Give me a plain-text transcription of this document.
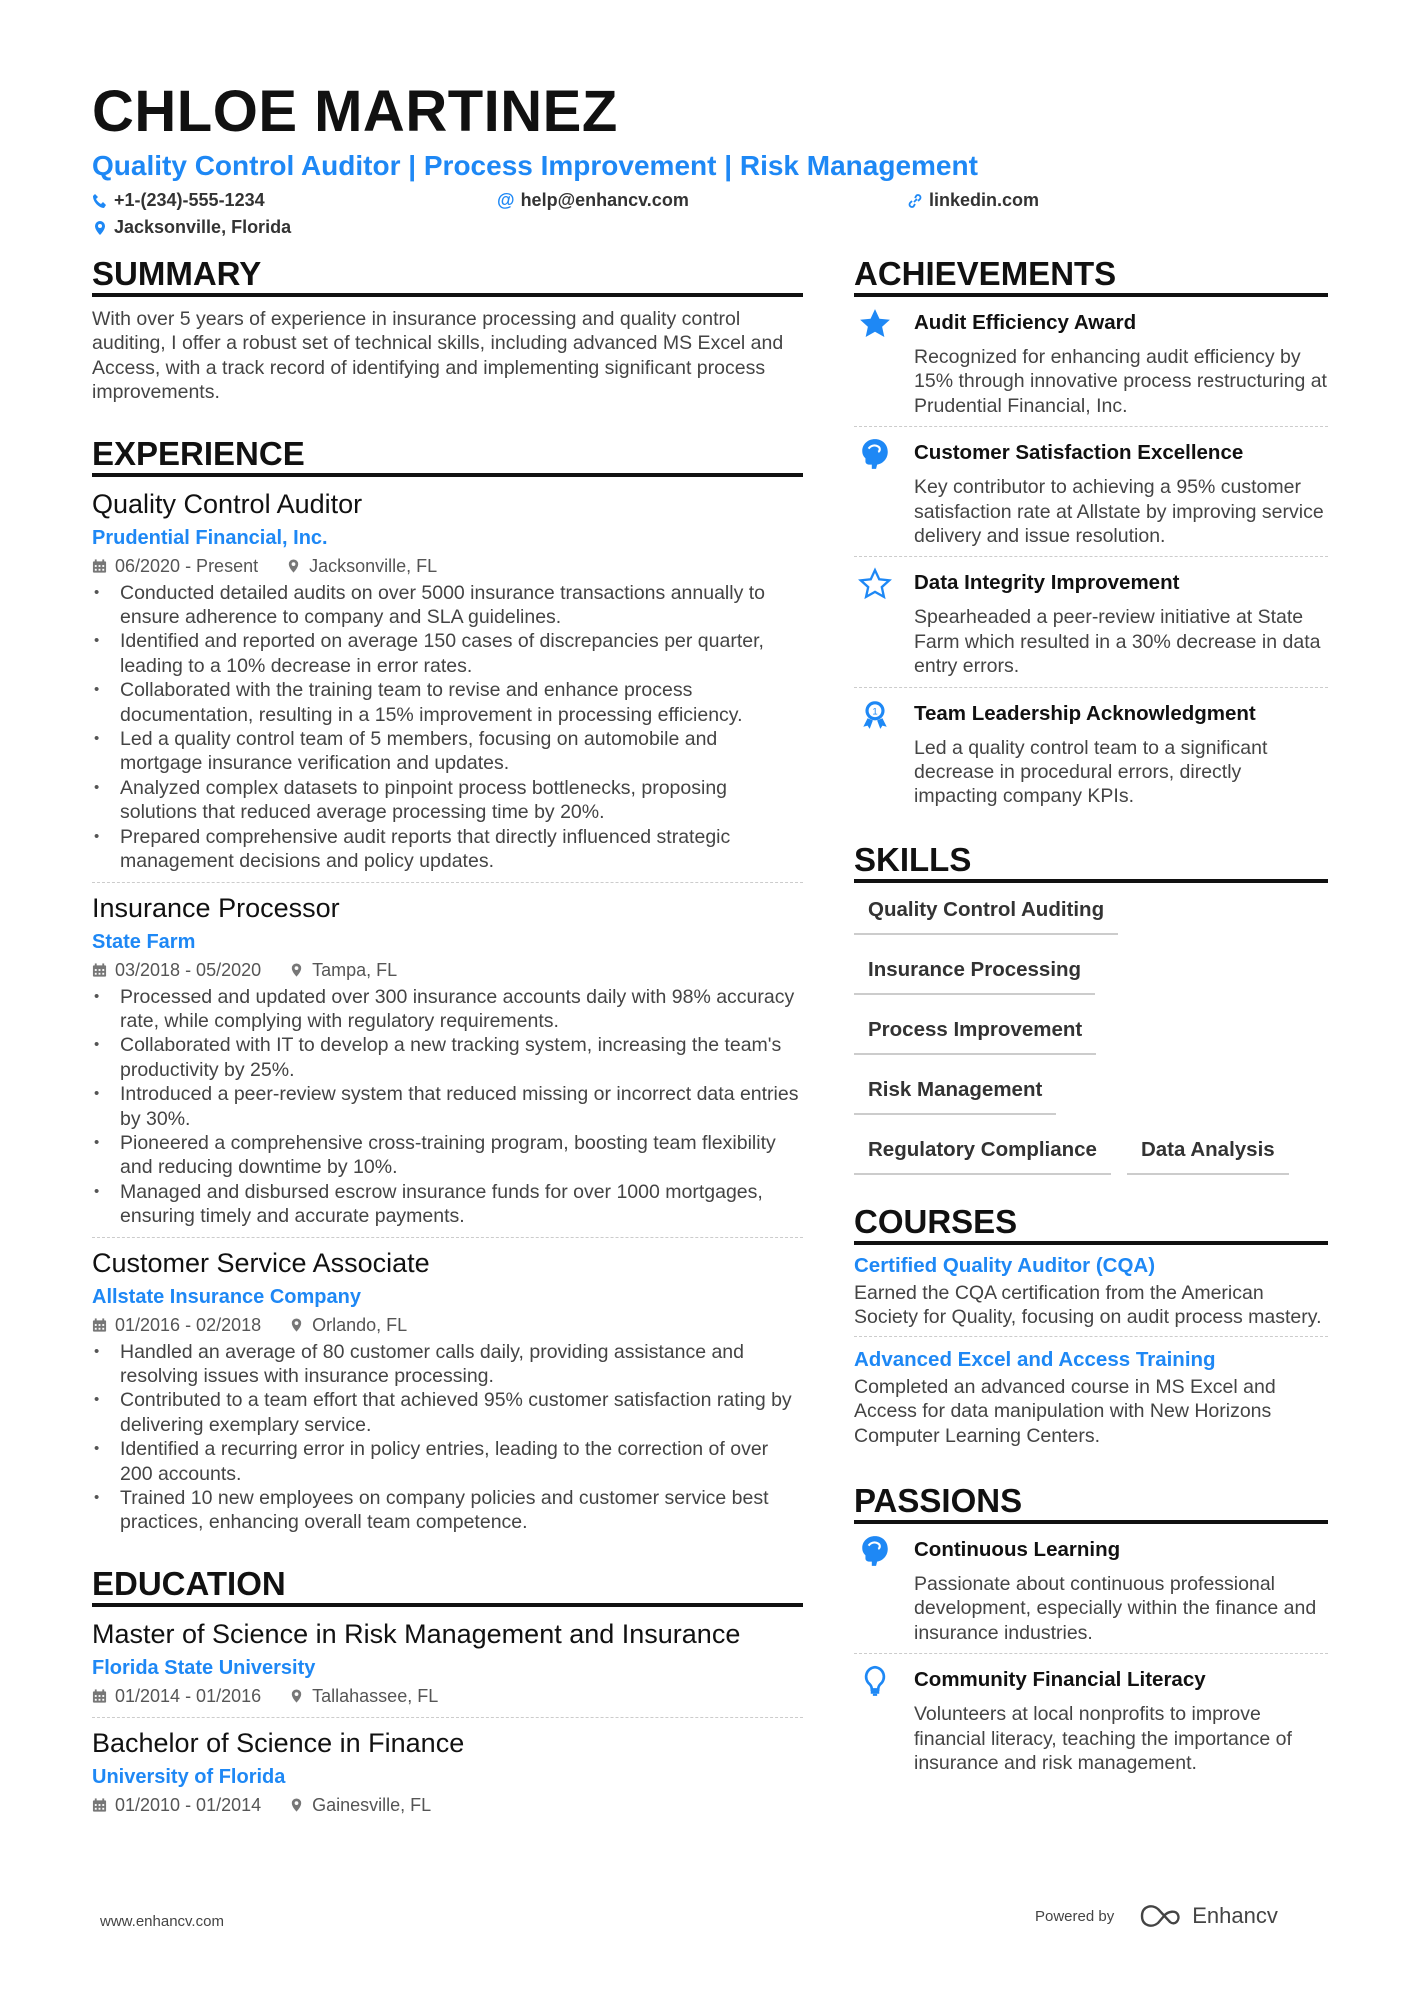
CHLOE MARTINEZ
Quality Control Auditor | Process Improvement | Risk Management
+1-(234)-555-1234	@ help@enhancv.com	linkedin.com
Jacksonville, Florida
SUMMARY

With over 5 years of experience in insurance processing and quality control auditing, I offer a robust set of technical skills, including advanced MS Excel and Access, with a track record of identifying and implementing significant process improvements.

EXPERIENCE
Quality Control Auditor
Prudential Financial, Inc.
06/2020 - Present	Jacksonville, FL
• Conducted detailed audits on over 5000 insurance transactions annually to ensure adherence to company and SLA guidelines.
• Identified and reported on average 150 cases of discrepancies per quarter, leading to a 10% decrease in error rates.
• Collaborated with the training team to revise and enhance process documentation, resulting in a 15% improvement in processing efficiency.
• Led a quality control team of 5 members, focusing on automobile and mortgage insurance verification and updates.
• Analyzed complex datasets to pinpoint process bottlenecks, proposing solutions that reduced average processing time by 20%.
• Prepared comprehensive audit reports that directly influenced strategic management decisions and policy updates.
Insurance Processor
State Farm
03/2018 - 05/2020	Tampa, FL
• Processed and updated over 300 insurance accounts daily with 98% accuracy rate, while complying with regulatory requirements.
• Collaborated with IT to develop a new tracking system, increasing the team's productivity by 25%.
• Introduced a peer-review system that reduced missing or incorrect data entries by 30%.
• Pioneered a comprehensive cross-training program, boosting team flexibility and reducing downtime by 10%.
• Managed and disbursed escrow insurance funds for over 1000 mortgages, ensuring timely and accurate payments.
Customer Service Associate
Allstate Insurance Company
01/2016 - 02/2018	Orlando, FL
• Handled an average of 80 customer calls daily, providing assistance and resolving issues with insurance processing.
• Contributed to a team effort that achieved 95% customer satisfaction rating by delivering exemplary service.
• Identified a recurring error in policy entries, leading to the correction of over 200 accounts.
• Trained 10 new employees on company policies and customer service best practices, enhancing overall team competence.
EDUCATION
Master of Science in Risk Management and Insurance
Florida State University
01/2014 - 01/2016	Tallahassee, FL
Bachelor of Science in Finance
University of Florida
01/2010 - 01/2014	Gainesville, FL
ACHIEVEMENTS
Audit Efficiency Award
Recognized for enhancing audit efficiency by 15% through innovative process restructuring at Prudential Financial, Inc.
Customer Satisfaction Excellence
Key contributor to achieving a 95% customer satisfaction rate at Allstate by improving service delivery and issue resolution.
Data Integrity Improvement
Spearheaded a peer-review initiative at State Farm which resulted in a 30% decrease in data entry errors.
1 Team Leadership Acknowledgment
Led a quality control team to a significant decrease in procedural errors, directly impacting company KPIs.
SKILLS
Quality Control Auditing
Insurance Processing
Process Improvement
Risk Management
Regulatory Compliance	Data Analysis
COURSES
Certified Quality Auditor (CQA)
Earned the CQA certification from the American Society for Quality, focusing on audit process mastery.
Advanced Excel and Access Training
Completed an advanced course in MS Excel and Access for data manipulation with New Horizons Computer Learning Centers.
PASSIONS
Continuous Learning
Passionate about continuous professional development, especially within the finance and insurance industries.
Community Financial Literacy
Volunteers at local nonprofits to improve financial literacy, teaching the importance of insurance and risk management.
www.enhancv.com	Powered by	Enhancv
